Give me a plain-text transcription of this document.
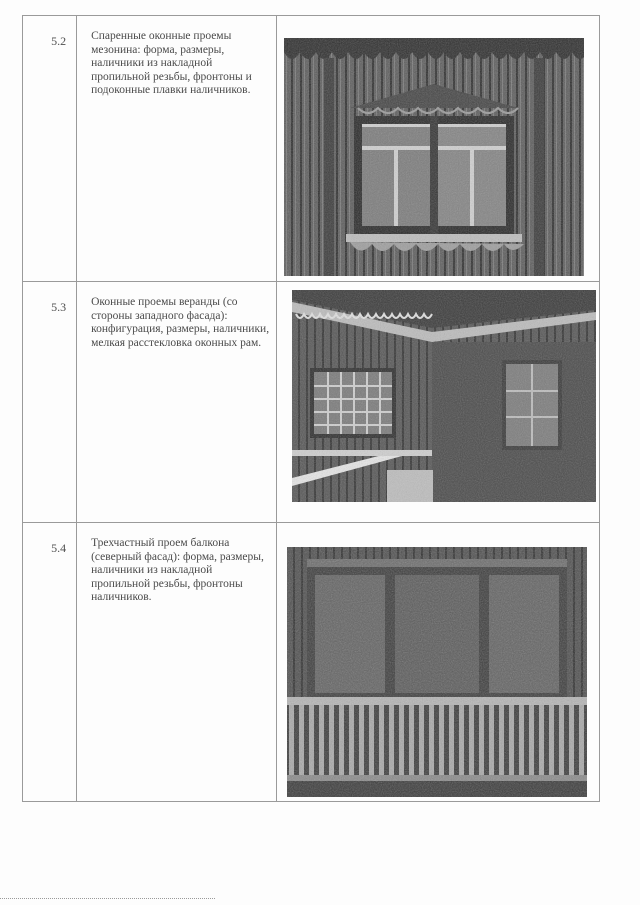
5.2	Спаренные оконные проемы мезонина: форма, размеры, наличники из накладной пропильной резьбы, фронтоны и подоконные плавки наличников.

5.3	Оконные проемы веранды (со стороны западного фасада): конфигурация, размеры, наличники, мелкая расстекловка оконных рам.

5.4	Трехчастный проем балкона (северный фасад): форма, размеры, наличники из накладной пропильной резьбы, фронтоны наличников.
